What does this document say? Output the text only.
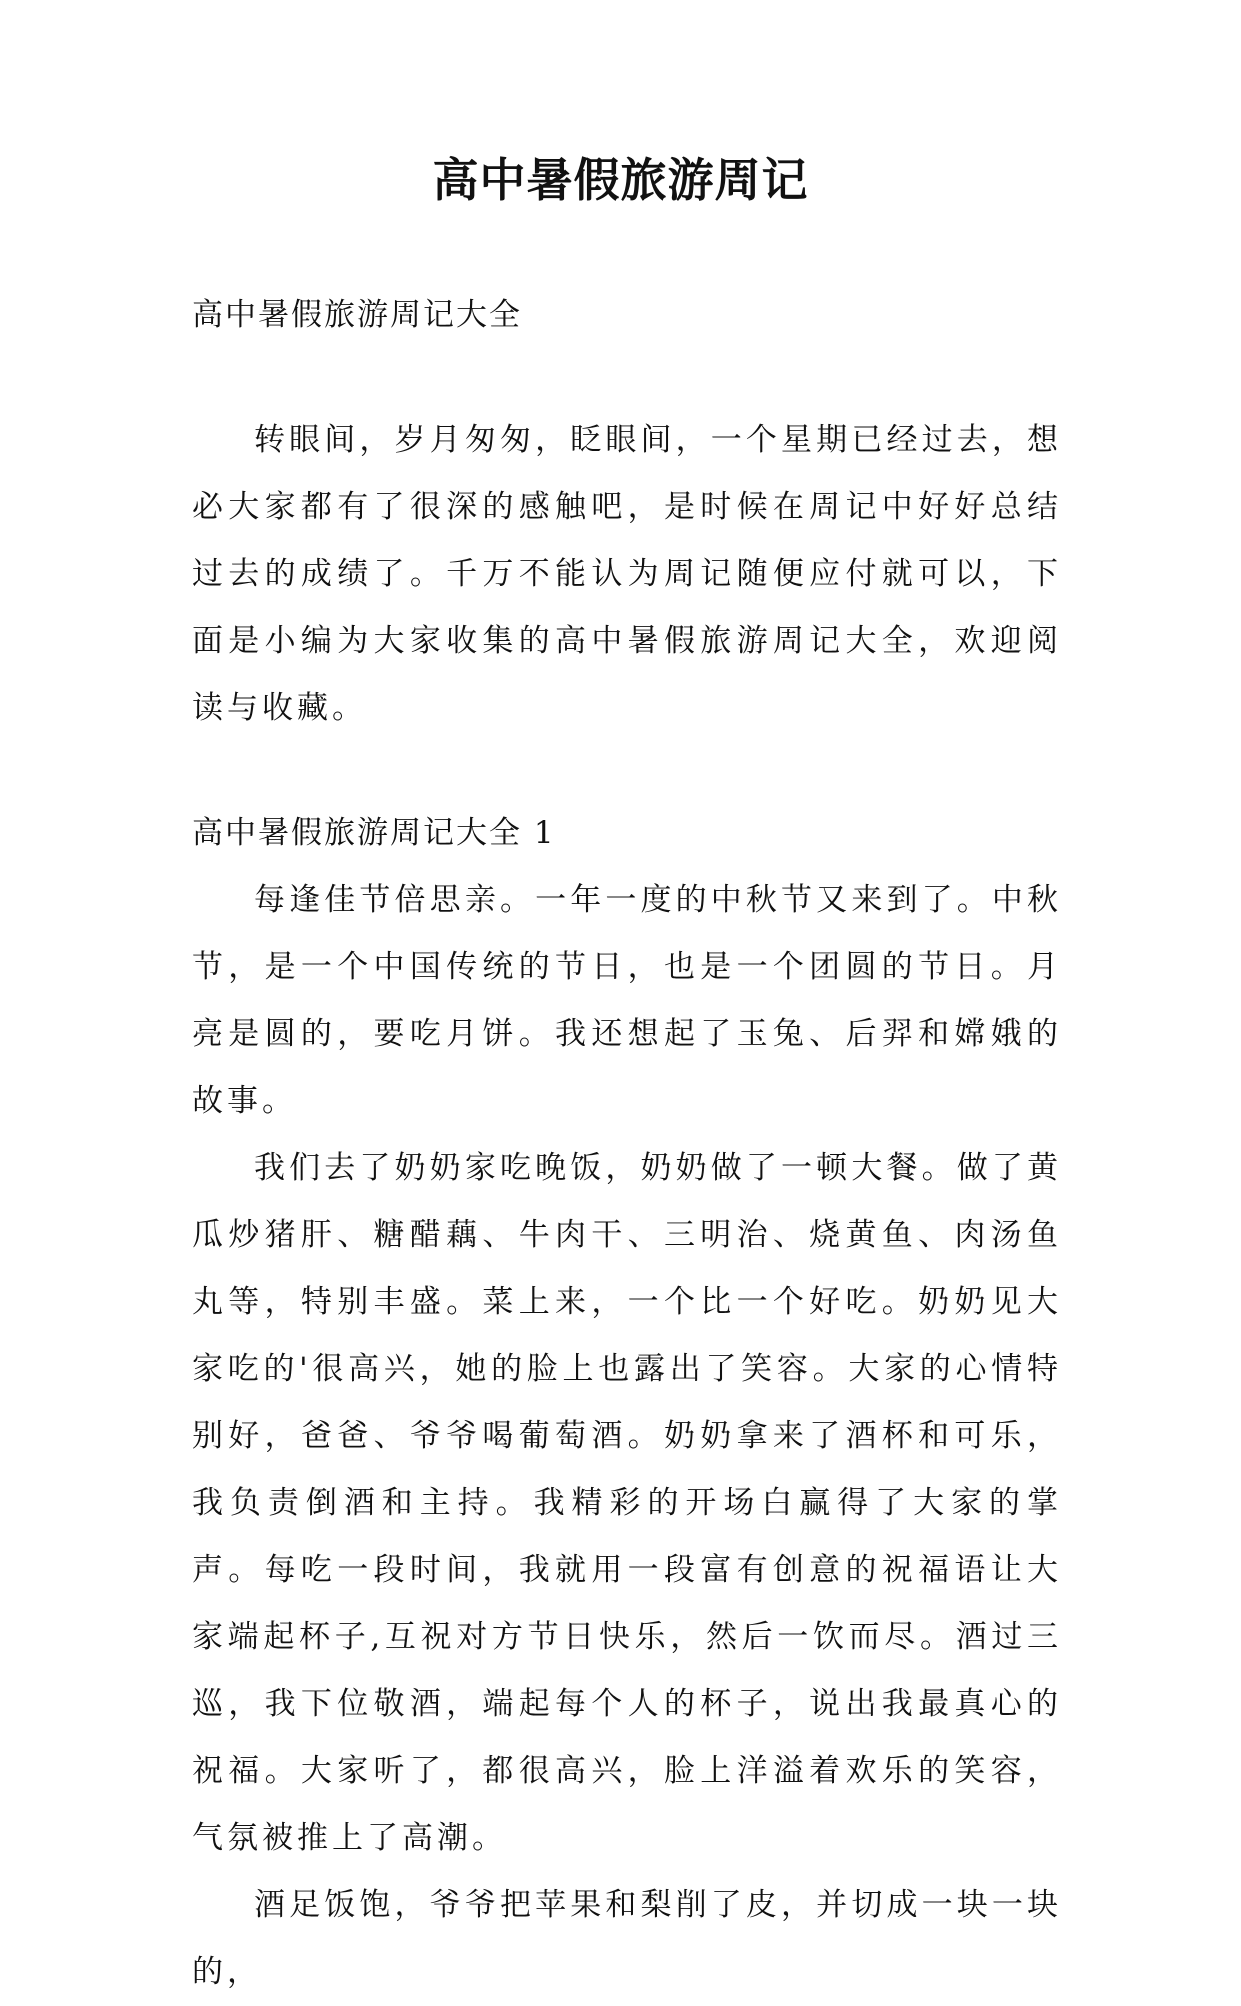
高中暑假旅游周记

高中暑假旅游周记大全

转眼间，岁月匆匆，眨眼间，一个星期已经过去，想必大家都有了很深的感触吧，是时候在周记中好好总结过去的成绩了。千万不能认为周记随便应付就可以，下面是小编为大家收集的高中暑假旅游周记大全，欢迎阅读与收藏。

高中暑假旅游周记大全 1

每逢佳节倍思亲。一年一度的中秋节又来到了。中秋节，是一个中国传统的节日，也是一个团圆的节日。月亮是圆的，要吃月饼。我还想起了玉兔、后羿和嫦娥的故事。

我们去了奶奶家吃晚饭，奶奶做了一顿大餐。做了黄瓜炒猪肝、糖醋藕、牛肉干、三明治、烧黄鱼、肉汤鱼丸等，特别丰盛。菜上来，一个比一个好吃。奶奶见大家吃的'很高兴，她的脸上也露出了笑容。大家的心情特别好，爸爸、爷爷喝葡萄酒。奶奶拿来了酒杯和可乐，我负责倒酒和主持。我精彩的开场白赢得了大家的掌声。每吃一段时间，我就用一段富有创意的祝福语让大家端起杯子,互祝对方节日快乐，然后一饮而尽。酒过三巡，我下位敬酒，端起每个人的杯子，说出我最真心的祝福。大家听了，都很高兴，脸上洋溢着欢乐的笑容，气氛被推上了高潮。

酒足饭饱，爷爷把苹果和梨削了皮，并切成一块一块的，
